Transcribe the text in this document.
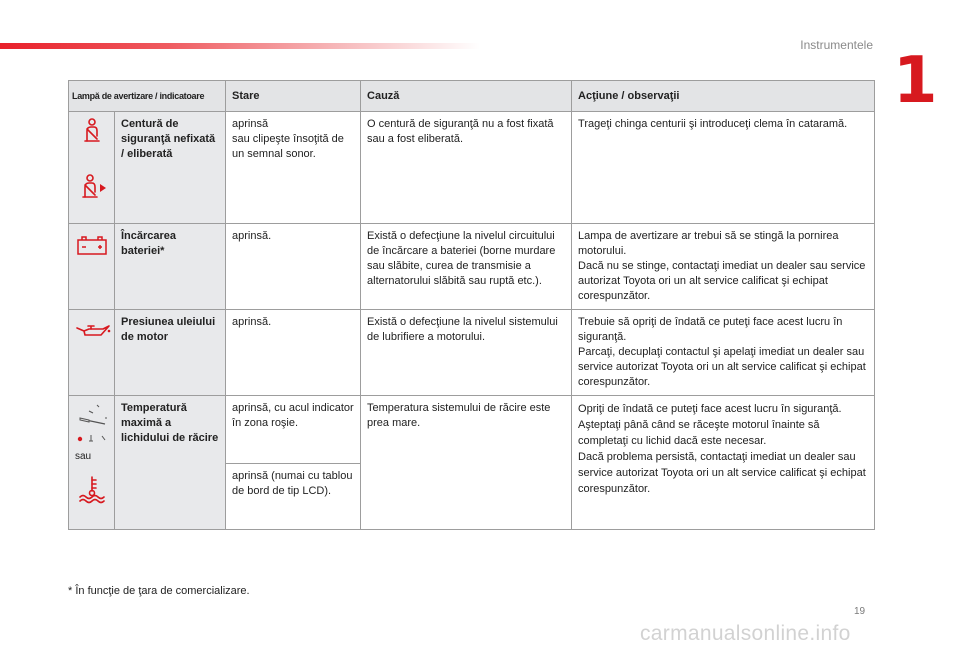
Instrumentele 1
Lampă de avertizare / indicatoare		Stare	Cauză	Acţiune / observaţii

	Centură de siguranţă nefixată / eliberată	aprinsă
sau clipeşte însoţită de un semnal sonor.	O centură de siguranţă nu a fost fixată sau a fost eliberată.	Trageţi chinga centurii şi introduceţi clema în cataramă.

	Încărcarea bateriei*	aprinsă.	Există o defecţiune la nivelul circuitului de încărcare a bateriei (borne murdare sau slăbite, curea de transmisie a alternatorului slăbită sau ruptă etc.).	Lampa de avertizare ar trebui să se stingă la pornirea motorului.
Dacă nu se stinge, contactaţi imediat un dealer sau service autorizat Toyota ori un alt service calificat şi echipat corespunzător.

	Presiunea uleiului de motor	aprinsă.	Există o defecţiune la nivelul sistemului de lubrifiere a motorului.	Trebuie să opriţi de îndată ce puteţi face acest lucru în siguranţă.
Parcaţi, decuplaţi contactul şi apelaţi imediat un dealer sau service autorizat Toyota ori un alt service calificat şi echipat corespunzător.

sau	Temperatură maximă a lichidului de răcire	aprinsă, cu acul indicator în zona roşie.	Temperatura sistemului de răcire este prea mare.	Opriţi de îndată ce puteţi face acest lucru în siguranţă.
Aşteptaţi până când se răceşte motorul înainte să completaţi cu lichid dacă este necesar.
Dacă problema persistă, contactaţi imediat un dealer sau service autorizat Toyota ori un alt service calificat şi echipat corespunzător.
		aprinsă (numai cu tablou de bord de tip LCD).		
* În funcţie de ţara de comercializare.
19
carmanualsonline.info
